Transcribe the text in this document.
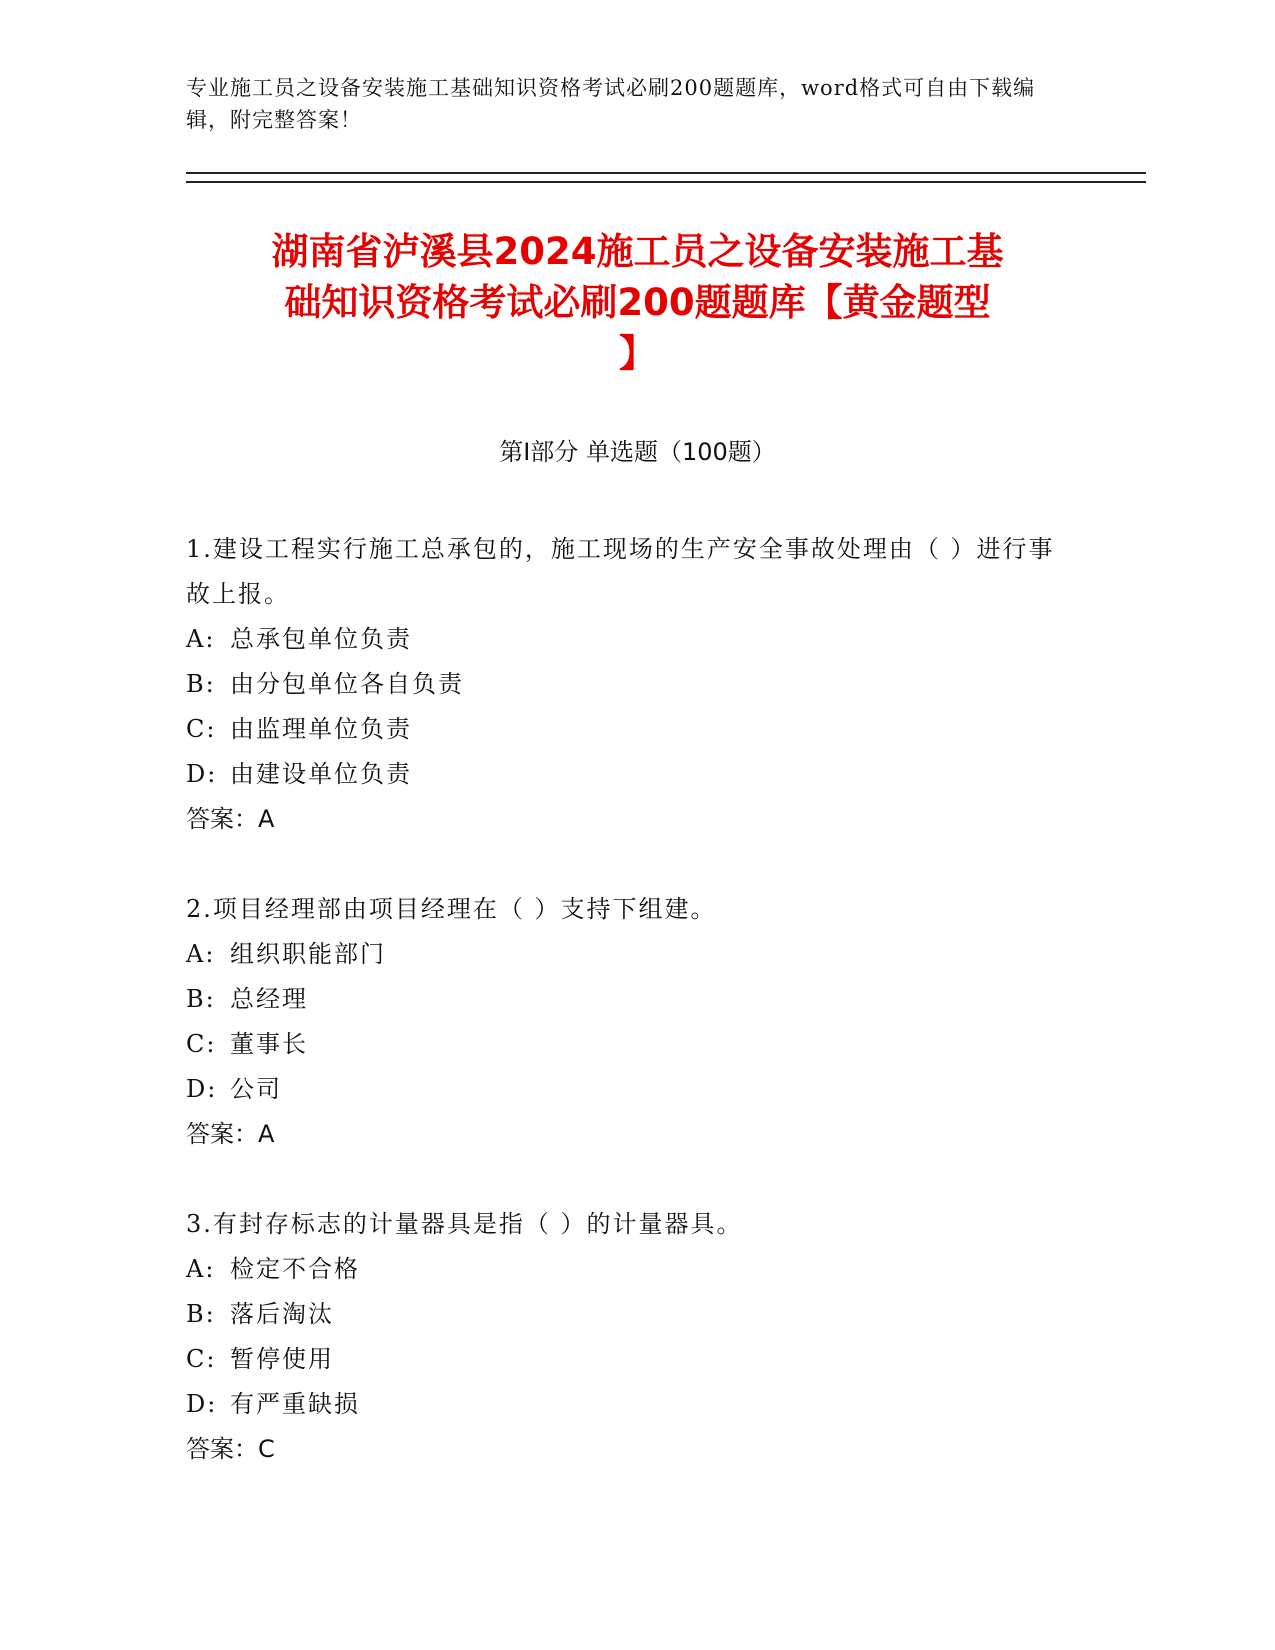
专业施工员之设备安装施工基础知识资格考试必刷200题题库，word格式可自由下载编辑，附完整答案！
湖南省泸溪县2024施工员之设备安装施工基
础知识资格考试必刷200题题库【黄金题型
】
第Ⅰ部分 单选题（100题）
1.建设工程实行施工总承包的，施工现场的生产安全事故处理由（ ）进行事故上报。
A: 总承包单位负责
B: 由分包单位各自负责
C: 由监理单位负责
D: 由建设单位负责
答案：A
2.项目经理部由项目经理在（ ）支持下组建。
A: 组织职能部门
B: 总经理
C: 董事长
D: 公司
答案：A
3.有封存标志的计量器具是指（ ）的计量器具。
A: 检定不合格
B: 落后淘汰
C: 暂停使用
D: 有严重缺损
答案：C
